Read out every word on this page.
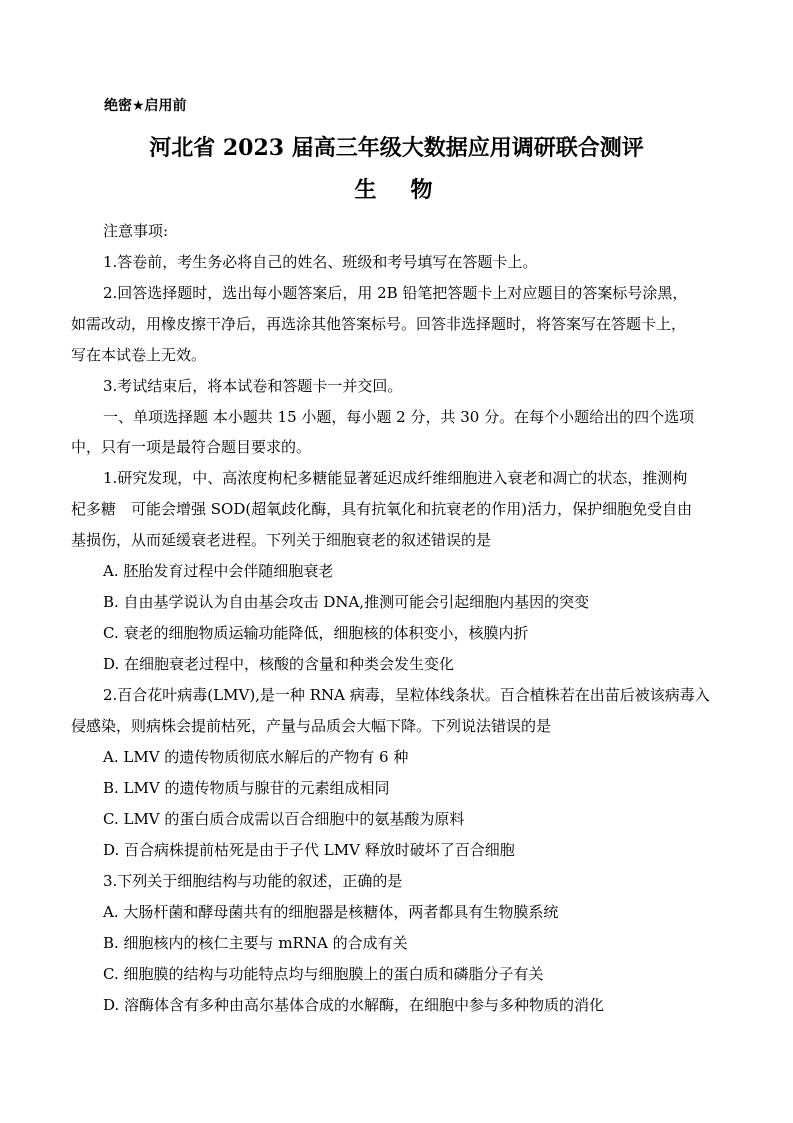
绝密★启用前
河北省 2023 届高三年级大数据应用调研联合测评
生　物
注意事项:
1.答卷前，考生务必将自己的姓名、班级和考号填写在答题卡上。
2.回答选择题时，选出每小题答案后，用 2B 铅笔把答题卡上对应题目的答案标号涂黑，
如需改动，用橡皮擦干净后，再选涂其他答案标号。回答非选择题时，将答案写在答题卡上，
写在本试卷上无效。
3.考试结束后，将本试卷和答题卡一并交回。
一、单项选择题 本小题共 15 小题，每小题 2 分，共 30 分。在每个小题给出的四个选项
中，只有一项是最符合题目要求的。
1.研究发现，中、高浓度枸杞多糖能显著延迟成纤维细胞进入衰老和凋亡的状态，推测枸
杞多糖　可能会增强 SOD(超氧歧化酶，具有抗氧化和抗衰老的作用)活力，保护细胞免受自由
基损伤，从而延缓衰老进程。下列关于细胞衰老的叙述错误的是
A. 胚胎发育过程中会伴随细胞衰老
B. 自由基学说认为自由基会攻击 DNA,推测可能会引起细胞内基因的突变
C. 衰老的细胞物质运输功能降低，细胞核的体积变小，核膜内折
D. 在细胞衰老过程中，核酸的含量和种类会发生变化
2.百合花叶病毒(LMV),是一种 RNA 病毒，呈粒体线条状。百合植株若在出苗后被该病毒入
侵感染，则病株会提前枯死，产量与品质会大幅下降。下列说法错误的是
A. LMV 的遗传物质彻底水解后的产物有 6 种
B. LMV 的遗传物质与腺苷的元素组成相同
C. LMV 的蛋白质合成需以百合细胞中的氨基酸为原料
D. 百合病株提前枯死是由于子代 LMV 释放时破坏了百合细胞
3.下列关于细胞结构与功能的叙述，正确的是
A. 大肠杆菌和酵母菌共有的细胞器是核糖体，两者都具有生物膜系统
B. 细胞核内的核仁主要与 mRNA 的合成有关
C. 细胞膜的结构与功能特点均与细胞膜上的蛋白质和磷脂分子有关
D. 溶酶体含有多种由高尔基体合成的水解酶，在细胞中参与多种物质的消化
